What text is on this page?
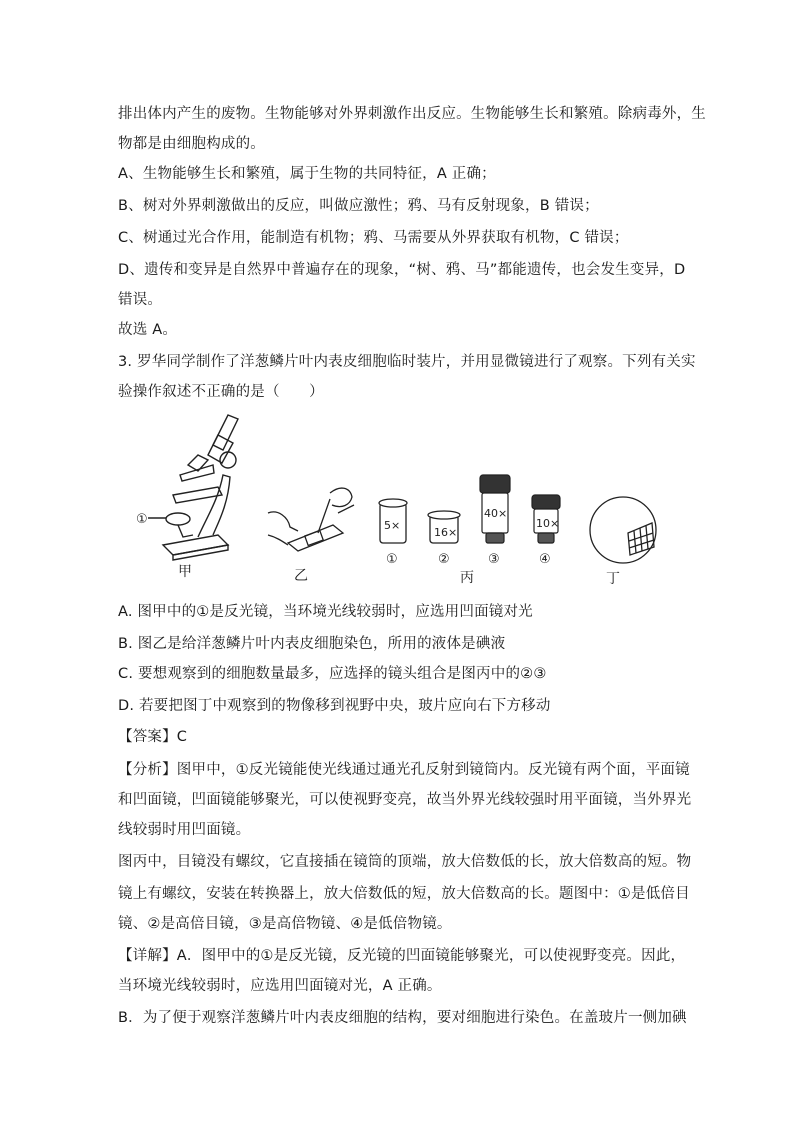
排出体内产生的废物。生物能够对外界刺激作出反应。生物能够生长和繁殖。除病毒外，生
物都是由细胞构成的。
A、生物能够生长和繁殖，属于生物的共同特征，A 正确；
B、树对外界刺激做出的反应，叫做应激性；鸦、马有反射现象，B 错误；
C、树通过光合作用，能制造有机物；鸦、马需要从外界获取有机物，C 错误；
D、遗传和变异是自然界中普遍存在的现象，“树、鸦、马”都能遗传，也会发生变异，D
错误。
故选 A。
3. 罗华同学制作了洋葱鳞片叶内表皮细胞临时装片，并用显微镜进行了观察。下列有关实
验操作叙述不正确的是（　　）
①	5×
16×
40×
10×
①	②	③	④
甲	乙	丙	丁
A. 图甲中的①是反光镜，当环境光线较弱时，应选用凹面镜对光
B. 图乙是给洋葱鳞片叶内表皮细胞染色，所用的液体是碘液
C. 要想观察到的细胞数量最多，应选择的镜头组合是图丙中的②③
D. 若要把图丁中观察到的物像移到视野中央，玻片应向右下方移动
【答案】C
【分析】图甲中，①反光镜能使光线通过通光孔反射到镜筒内。反光镜有两个面，平面镜
和凹面镜，凹面镜能够聚光，可以使视野变亮，故当外界光线较强时用平面镜，当外界光
线较弱时用凹面镜。
图丙中，目镜没有螺纹，它直接插在镜筒的顶端，放大倍数低的长，放大倍数高的短。物
镜上有螺纹，安装在转换器上，放大倍数低的短，放大倍数高的长。题图中：①是低倍目
镜、②是高倍目镜，③是高倍物镜、④是低倍物镜。
【详解】A．图甲中的①是反光镜，反光镜的凹面镜能够聚光，可以使视野变亮。因此，
当环境光线较弱时，应选用凹面镜对光，A 正确。
B．为了便于观察洋葱鳞片叶内表皮细胞的结构，要对细胞进行染色。在盖玻片一侧加碘
